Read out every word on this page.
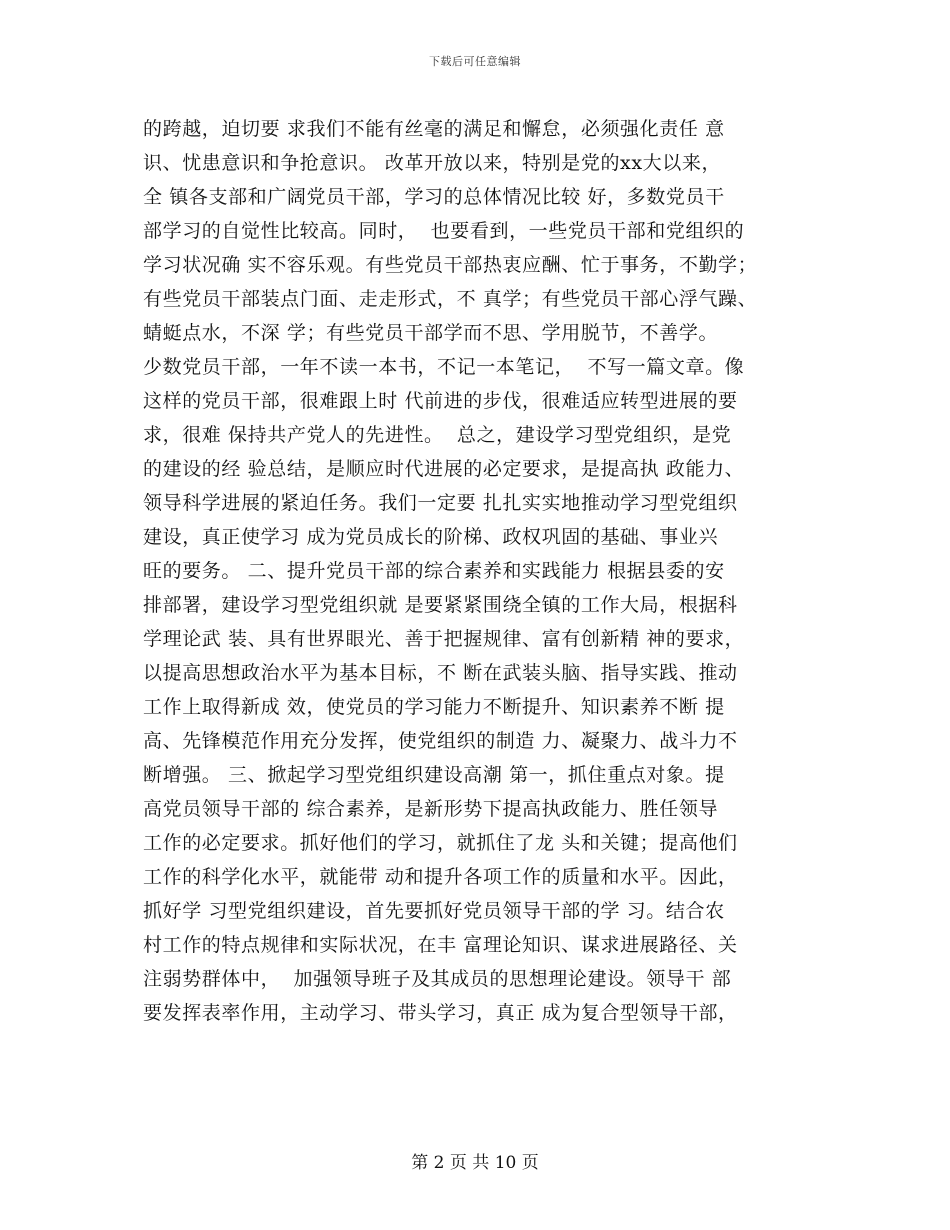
下载后可任意编辑
的跨越，迫切要 求我们不能有丝毫的满足和懈怠，必须强化责任 意
识、忧患意识和争抢意识。 改革开放以来，特别是党的xx大以来，
全 镇各支部和广阔党员干部，学习的总体情况比较 好，多数党员干
部学习的自觉性比较高。同时，  也要看到，一些党员干部和党组织的
学习状况确 实不容乐观。有些党员干部热衷应酬、忙于事务，不勤学；
有些党员干部装点门面、走走形式，不 真学；有些党员干部心浮气躁、
蜻蜓点水，不深 学；有些党员干部学而不思、学用脱节，不善学。
少数党员干部，一年不读一本书，不记一本笔记，  不写一篇文章。像
这样的党员干部，很难跟上时 代前进的步伐，很难适应转型进展的要
求，很难 保持共产党人的先进性。  总之，建设学习型党组织，是党
的建设的经 验总结，是顺应时代进展的必定要求，是提高执 政能力、
领导科学进展的紧迫任务。我们一定要 扎扎实实地推动学习型党组织
建设，真正使学习 成为党员成长的阶梯、政权巩固的基础、事业兴
旺的要务。 二、提升党员干部的综合素养和实践能力 根据县委的安
排部署，建设学习型党组织就 是要紧紧围绕全镇的工作大局，根据科
学理论武 装、具有世界眼光、善于把握规律、富有创新精 神的要求，
以提高思想政治水平为基本目标，不 断在武装头脑、指导实践、推动
工作上取得新成 效，使党员的学习能力不断提升、知识素养不断 提
高、先锋模范作用充分发挥，使党组织的制造 力、凝聚力、战斗力不
断增强。 三、掀起学习型党组织建设高潮 第一，抓住重点对象。提
高党员领导干部的 综合素养，是新形势下提高执政能力、胜任领导
工作的必定要求。抓好他们的学习，就抓住了龙 头和关键；提高他们
工作的科学化水平，就能带 动和提升各项工作的质量和水平。因此，
抓好学 习型党组织建设，首先要抓好党员领导干部的学 习。结合农
村工作的特点规律和实际状况，在丰 富理论知识、谋求进展路径、关
注弱势群体中，  加强领导班子及其成员的思想理论建设。领导干 部
要发挥表率作用，主动学习、带头学习，真正 成为复合型领导干部，
第 2 页 共 10 页
